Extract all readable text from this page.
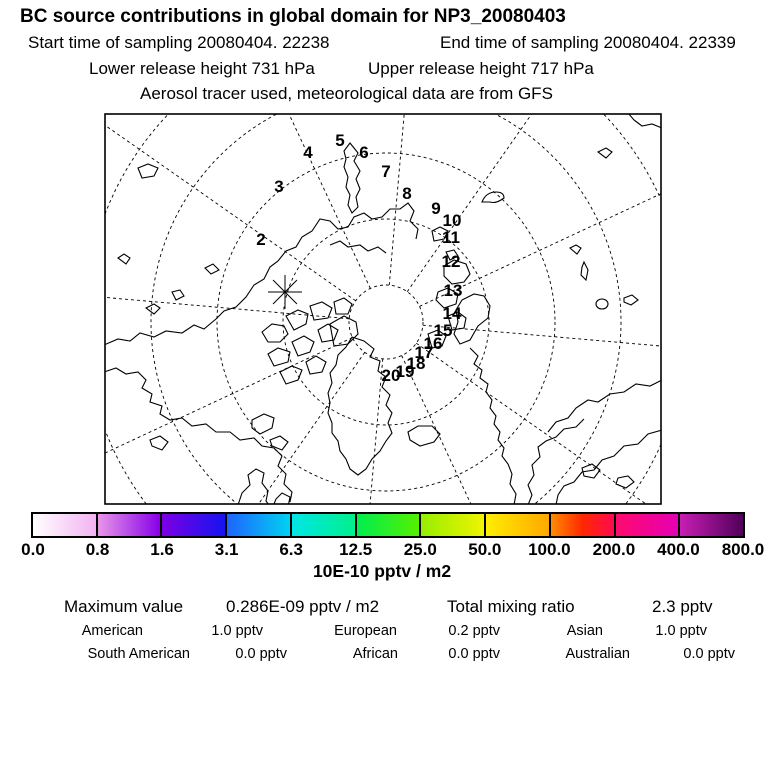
BC source contributions in global domain for NP3_20080403
Start time of sampling 20080404. 22238	End time of sampling 20080404. 22339
Lower release height 731 hPa	Upper release height 717 hPa
Aerosol tracer used, meteorological data are from GFS
2
3
4
5
6
7
8
9
10
11
12
13
14
15
16
17
18
19
20
0.0	0.8	1.6	3.1	6.3	12.5	25.0	50.0	100.0	200.0	400.0	800.0
10E-10 pptv / m2
Maximum value	0.286E-09 pptv / m2	Total mixing ratio	2.3 pptv
American	1.0 pptv	European	0.2 pptv	Asian	1.0 pptv
South American	0.0 pptv	African	0.0 pptv	Australian	0.0 pptv
